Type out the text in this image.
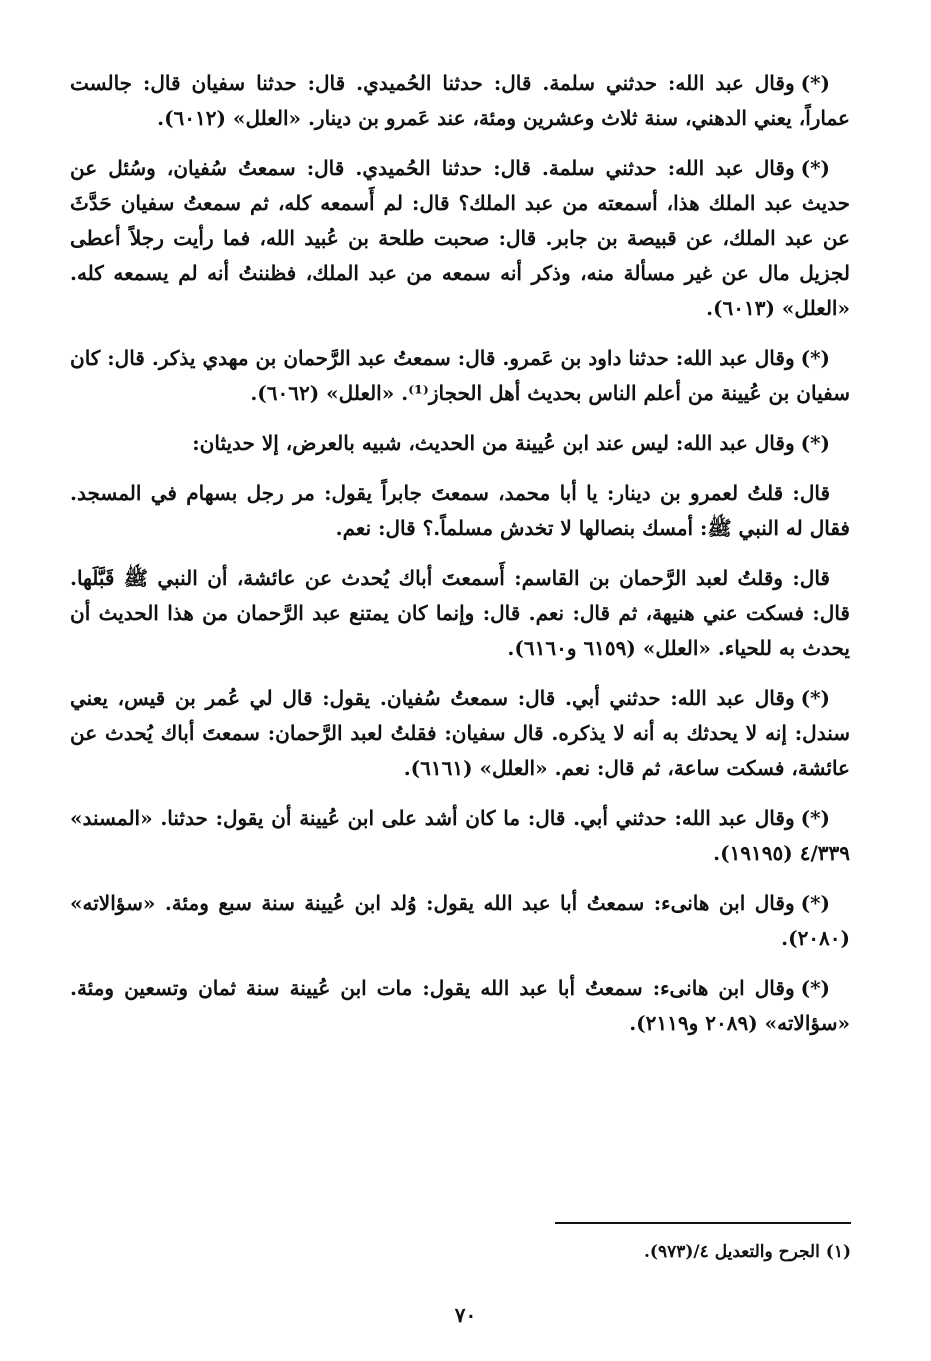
(*)وقال عبد الله: حدثني سلمة. قال: حدثنا الحُميدي. قال: حدثنا سفيان قال: جالست عماراً، يعني الدهني، سنة ثلاث وعشرين ومئة، عند عَمرو بن دينار. «العلل» (٦٠١٢).

(*)وقال عبد الله: حدثني سلمة. قال: حدثنا الحُميدي. قال: سمعتُ سُفيان، وسُئل عن حديث عبد الملك هذا، أسمعته من عبد الملك؟ قال: لم أَسمعه كله، ثم سمعتُ سفيان حَدَّثَ عن عبد الملك، عن قبيصة بن جابر. قال: صحبت طلحة بن عُبيد الله، فما رأيت رجلاً أعطى لجزيل مال عن غير مسألة منه، وذكر أنه سمعه من عبد الملك، فظننتُ أنه لم يسمعه كله. «العلل» (٦٠١٣).

(*)وقال عبد الله: حدثنا داود بن عَمرو. قال: سمعتُ عبد الرَّحمان بن مهدي يذكر. قال: كان سفيان بن عُيينة من أعلم الناس بحديث أهل الحجاز⁽¹⁾. «العلل» (٦٠٦٢).

(*)وقال عبد الله: ليس عند ابن عُيينة من الحديث، شبيه بالعرض، إلا حديثان:

قال: قلتُ لعمرو بن دينار: يا أبا محمد، سمعتَ جابراً يقول: مر رجل بسهام في المسجد. فقال له النبي ﷺ: أمسك بنصالها لا تخدش مسلماً.؟ قال: نعم.

قال: وقلتُ لعبد الرَّحمان بن القاسم: أَسمعتَ أباك يُحدث عن عائشة، أن النبي ﷺ قَبَّلَها. قال: فسكت عني هنيهة، ثم قال: نعم. قال: وإنما كان يمتنع عبد الرَّحمان من هذا الحديث أن يحدث به للحياء. «العلل» (٦١٥٩ و٦١٦٠).

(*)وقال عبد الله: حدثني أبي. قال: سمعتُ سُفيان. يقول: قال لي عُمر بن قيس، يعني سندل: إنه لا يحدثك به أنه لا يذكره. قال سفيان: فقلتُ لعبد الرَّحمان: سمعتَ أباك يُحدث عن عائشة، فسكت ساعة، ثم قال: نعم. «العلل» (٦١٦١).

(*)وقال عبد الله: حدثني أبي. قال: ما كان أشد على ابن عُيينة أن يقول: حدثنا. «المسند» ٤/٣٣٩ (١٩١٩٥).

(*)وقال ابن هانىء: سمعتُ أبا عبد الله يقول: وُلد ابن عُيينة سنة سبع ومئة. «سؤالاته» (٢٠٨٠).

(*)وقال ابن هانىء: سمعتُ أبا عبد الله يقول: مات ابن عُيينة سنة ثمان وتسعين ومئة. «سؤالاته» (٢٠٨٩ و٢١١٩).

(١) الجرح والتعديل ٤/(٩٧٣).
٧٠
